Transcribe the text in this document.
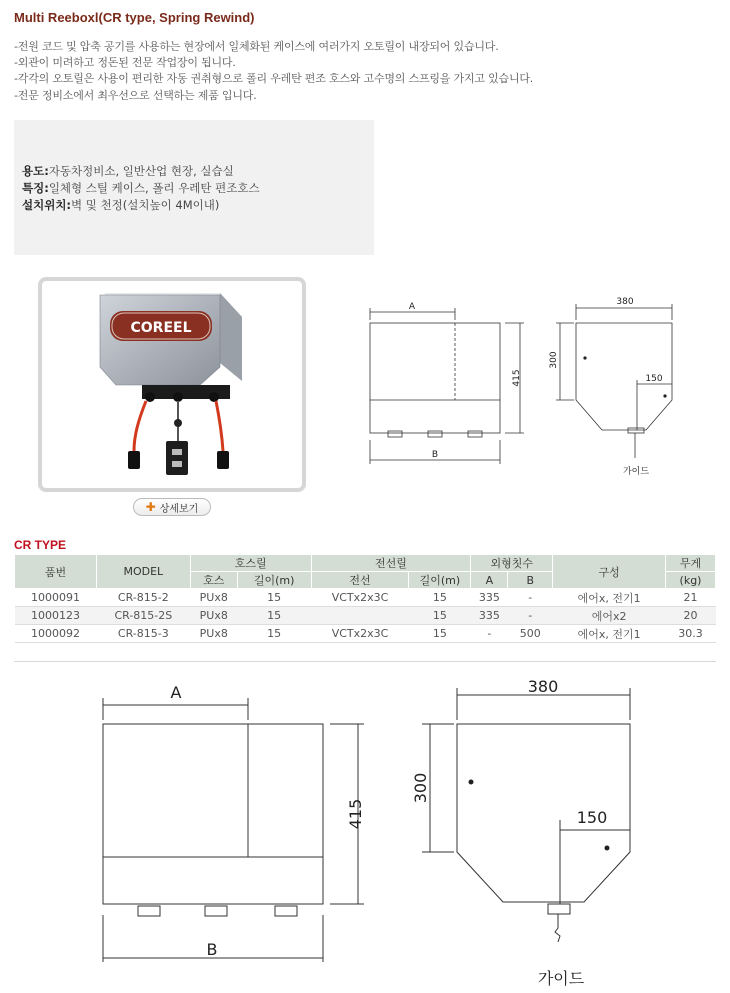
Multi Reeboxl(CR type, Spring Rewind)
-전원 코드 및 압축 공기를 사용하는 현장에서 일체화된 케이스에 여러가지 오토릴이 내장되어 있습니다.
-외관이 미려하고 정돈된 전문 작업장이 됩니다.
-각각의 오토릴은 사용이 편리한 자동 권취형으로 폴리 우레탄 편조 호스와 고수명의 스프링을 가지고 있습니다.
-전문 정비소에서 최우선으로 선택하는 제품 입니다.
용도:자동차정비소, 일반산업 현장, 실습실
특징:일체형 스틸 케이스, 폴리 우레탄 편조호스
설치위치:벽 및 천정(설치높이 4M이내)
COREEL
✚ 상세보기
A
B
415
380
300
150
가이드
CR TYPE
품번	MODEL	호스릴		전선릴		외형칫수		구성	무게
		호스	길이(m)	전선	길이(m)	A	B		(kg)
1000091	CR-815-2	PUx8	15	VCTx2x3C	15	335	-	에어x, 전기1	21
1000123	CR-815-2S	PUx8	15		15	335	-	에어x2	20
1000092	CR-815-3	PUx8	15	VCTx2x3C	15	-	500	에어x, 전기1	30.3
A
B
415
380
300
150
가이드
